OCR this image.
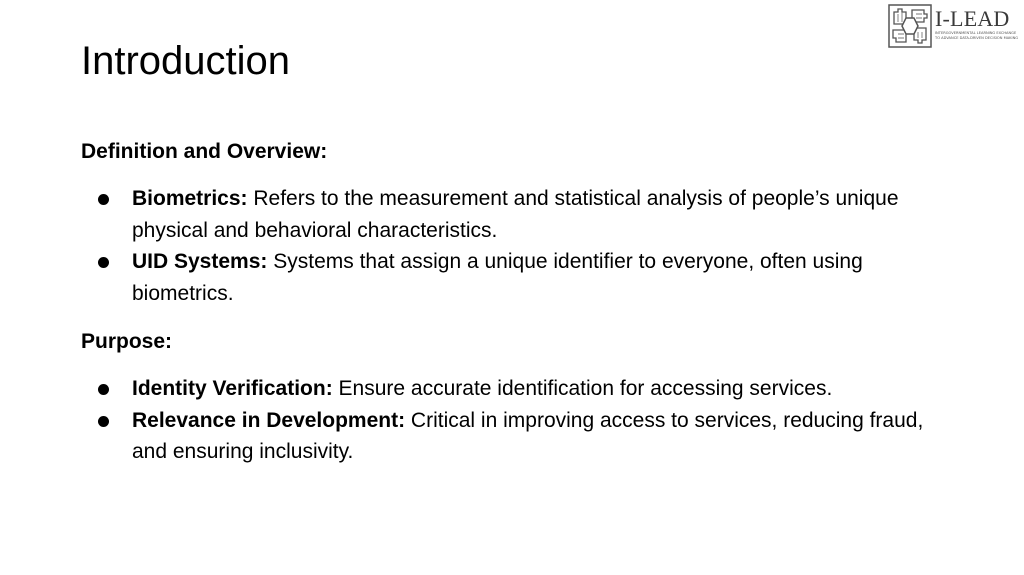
Introduction
I-LEAD
INTERGOVERNMENTAL LEARNING EXCHANGE
TO ADVANCE DATA-DRIVEN DECISION MAKING

Definition and Overview:

Biometrics: Refers to the measurement and statistical analysis of people’s unique physical and behavioral characteristics.
UID Systems: Systems that assign a unique identifier to everyone, often using biometrics.

Purpose:

Identity Verification: Ensure accurate identification for accessing services.
Relevance in Development: Critical in improving access to services, reducing fraud, and ensuring inclusivity.
